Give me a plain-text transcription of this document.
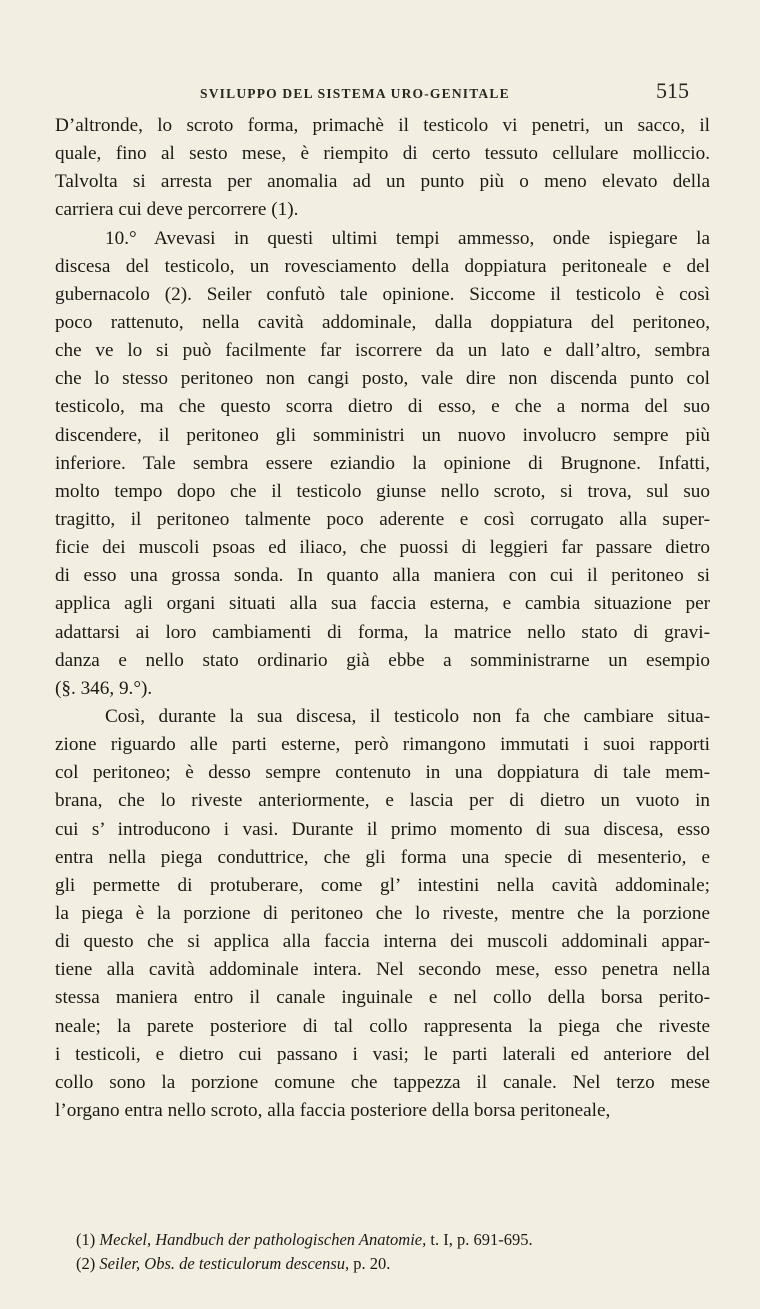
SVILUPPO DEL SISTEMA URO-GENITALE	515
D’altronde, lo scroto forma, primachè il testicolo vi penetri, un sacco, il
quale, fino al sesto mese, è riempito di certo tessuto cellulare molliccio.
Talvolta si arresta per anomalia ad un punto più o meno elevato della
carriera cui deve percorrere (1).
10.° Avevasi in questi ultimi tempi ammesso, onde ispiegare la
discesa del testicolo, un rovesciamento della doppiatura peritoneale e del
gubernacolo (2). Seiler confutò tale opinione. Siccome il testicolo è così
poco rattenuto, nella cavità addominale, dalla doppiatura del peritoneo,
che ve lo si può facilmente far iscorrere da un lato e dall’altro, sembra
che lo stesso peritoneo non cangi posto, vale dire non discenda punto col
testicolo, ma che questo scorra dietro di esso, e che a norma del suo
discendere, il peritoneo gli somministri un nuovo involucro sempre più
inferiore. Tale sembra essere eziandio la opinione di Brugnone. Infatti,
molto tempo dopo che il testicolo giunse nello scroto, si trova, sul suo
tragitto, il peritoneo talmente poco aderente e così corrugato alla super-
ficie dei muscoli psoas ed iliaco, che puossi di leggieri far passare dietro
di esso una grossa sonda. In quanto alla maniera con cui il peritoneo si
applica agli organi situati alla sua faccia esterna, e cambia situazione per
adattarsi ai loro cambiamenti di forma, la matrice nello stato di gravi-
danza e nello stato ordinario già ebbe a somministrarne un esempio
(§. 346, 9.°).
Così, durante la sua discesa, il testicolo non fa che cambiare situa-
zione riguardo alle parti esterne, però rimangono immutati i suoi rapporti
col peritoneo; è desso sempre contenuto in una doppiatura di tale mem-
brana, che lo riveste anteriormente, e lascia per di dietro un vuoto in
cui s’ introducono i vasi. Durante il primo momento di sua discesa, esso
entra nella piega conduttrice, che gli forma una specie di mesenterio, e
gli permette di protuberare, come gl’ intestini nella cavità addominale;
la piega è la porzione di peritoneo che lo riveste, mentre che la porzione
di questo che si applica alla faccia interna dei muscoli addominali appar-
tiene alla cavità addominale intera. Nel secondo mese, esso penetra nella
stessa maniera entro il canale inguinale e nel collo della borsa perito-
neale; la parete posteriore di tal collo rappresenta la piega che riveste
i testicoli, e dietro cui passano i vasi; le parti laterali ed anteriore del
collo sono la porzione comune che tappezza il canale. Nel terzo mese
l’organo entra nello scroto, alla faccia posteriore della borsa peritoneale,
(1) Meckel, Handbuch der pathologischen Anatomie, t. I, p. 691-695.
(2) Seiler, Obs. de testiculorum descensu, p. 20.
